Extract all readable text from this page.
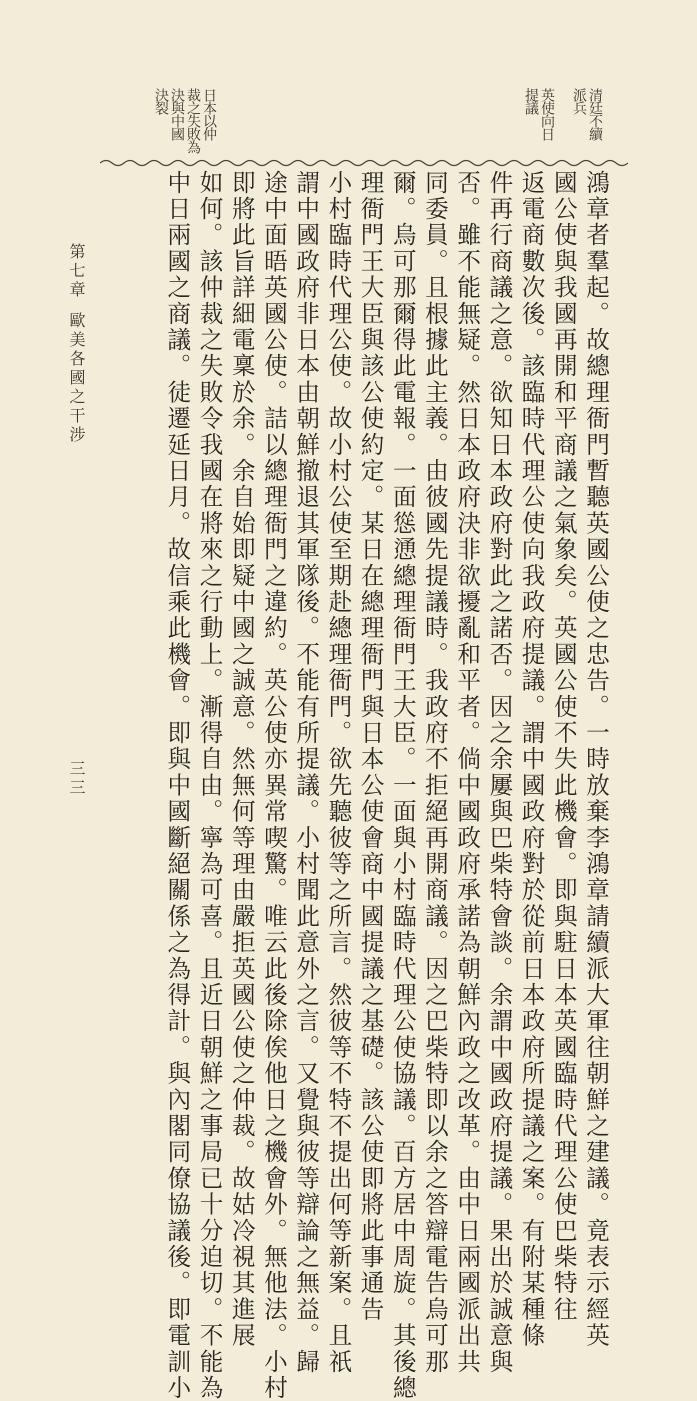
清廷不續
派兵
英使向日
提議
日本以仲
裁之失敗為
決與中國
決裂
鴻章者羣起。故總理衙門暫聽英國公使之忠告。一時放棄李鴻章請續派大軍往朝鮮之建議。竟表示經英
國公使與我國再開和平商議之氣象矣。英國公使不失此機會。即與駐日本英國臨時代理公使巴柴特往
返電商數次後。該臨時代理公使向我政府提議。謂中國政府對於從前日本政府所提議之案。有附某種條
件再行商議之意。欲知日本政府對此之諾否。因之余屢與巴柴特會談。余謂中國政府提議。果出於誠意與
否。雖不能無疑。然日本政府決非欲擾亂和平者。倘中國政府承諾為朝鮮內政之改革。由中日兩國派出共
同委員。且根據此主義。由彼國先提議時。我政府不拒絕再開商議。因之巴柴特即以余之答辯電告烏可那
爾。烏可那爾得此電報。一面慫慂總理衙門王大臣。一面與小村臨時代理公使協議。百方居中周旋。其後總
理衙門王大臣與該公使約定。某日在總理衙門與日本公使會商中國提議之基礎。該公使即將此事通告
小村臨時代理公使。故小村公使至期赴總理衙門。欲先聽彼等之所言。然彼等不特不提出何等新案。且祇
謂中國政府非日本由朝鮮撤退其軍隊後。不能有所提議。小村聞此意外之言。又覺與彼等辯論之無益。歸
途中面晤英國公使。詰以總理衙門之違約。英公使亦異常喫驚。唯云此後除俟他日之機會外。無他法。小村
即將此旨詳細電稟於余。余自始即疑中國之誠意。然無何等理由嚴拒英國公使之仲裁。故姑冷視其進展
如何。該仲裁之失敗令我國在將來之行動上。漸得自由。寧為可喜。且近日朝鮮之事局已十分迫切。不能為
中日兩國之商議。徒遷延日月。故信乘此機會。即與中國斷絕關係之為得計。與內閣同僚協議後。即電訓小
第七章歐美各國之干涉
三三
